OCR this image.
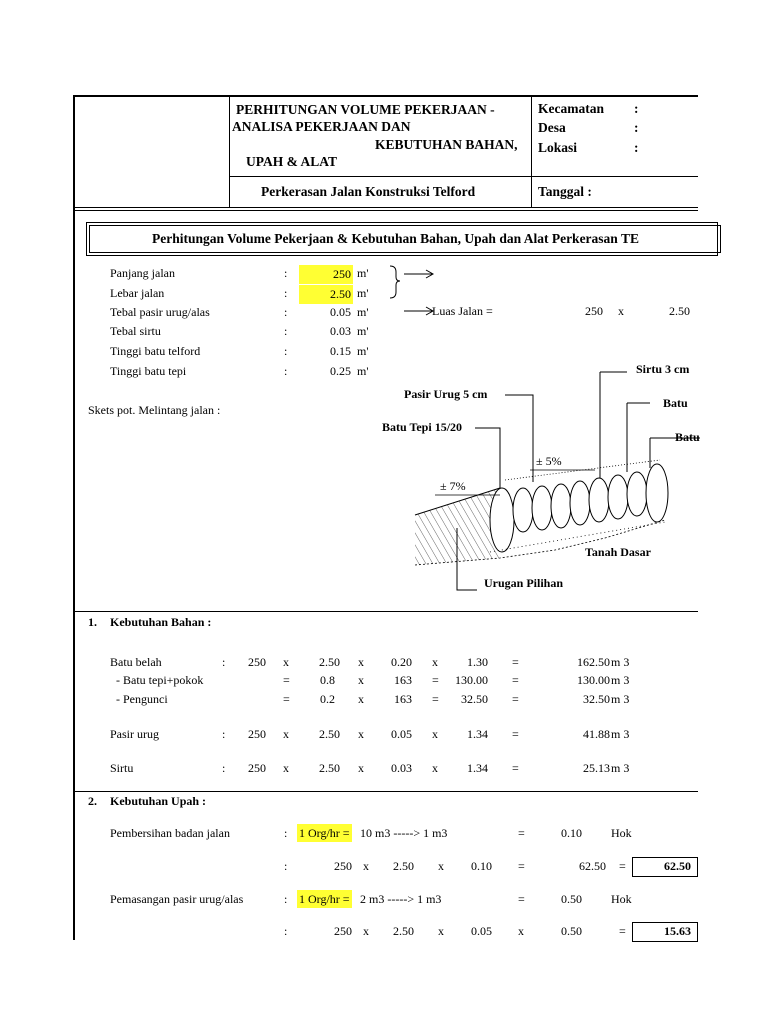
PERHITUNGAN VOLUME PEKERJAAN -
ANALISA PEKERJAAN DAN
KEBUTUHAN BAHAN,
UPAH & ALAT
Kecamatan :
Desa	:
Lokasi	:
Perkerasan Jalan Konstruksi Telford	Tanggal :
Perhitungan Volume Pekerjaan & Kebutuhan Bahan, Upah dan Alat Perkerasan TE
Panjang jalan	:	250 m'
Lebar jalan	:	2.50 m'
Tebal pasir urug/alas	:	0.05 m'
Tebal sirtu	:	0.03 m'
Tinggi batu telford	:	0.15 m'
Tinggi batu tepi	:	0.25 m'
Luas Jalan =	250 x	2.50
Skets pot. Melintang jalan :
Sirtu 3 cm
Pasir Urug 5 cm
Batu
Batu Tepi 15/20
Batu
± 5%
± 7%
Tanah Dasar
Urugan Pilihan
1. Kebutuhan Bahan :
Batu belah	:	250 x	2.50 x	0.20 x	1.30 =	162.50 m 3
- Batu tepi+pokok	=	0.8 x	163 =	130.00 =	130.00 m 3
- Pengunci	=	0.2 x	163 =	32.50 =	32.50 m 3
Pasir urug	:	250 x	2.50 x	0.05 x	1.34 =	41.88 m 3
Sirtu	:	250 x	2.50 x	0.03 x	1.34 =	25.13 m 3
2. Kebutuhan Upah :
Pembersihan badan jalan	: 1 Org/hr = 10 m3 -----> 1 m3	=	0.10 Hok
:	250 x	2.50 x	0.10 =	62.50 =	62.50
Pemasangan pasir urug/alas	: 1 Org/hr = 2 m3 -----> 1 m3	=	0.50 Hok
:	250 x	2.50 x	0.05 x	0.50	=	15.63
